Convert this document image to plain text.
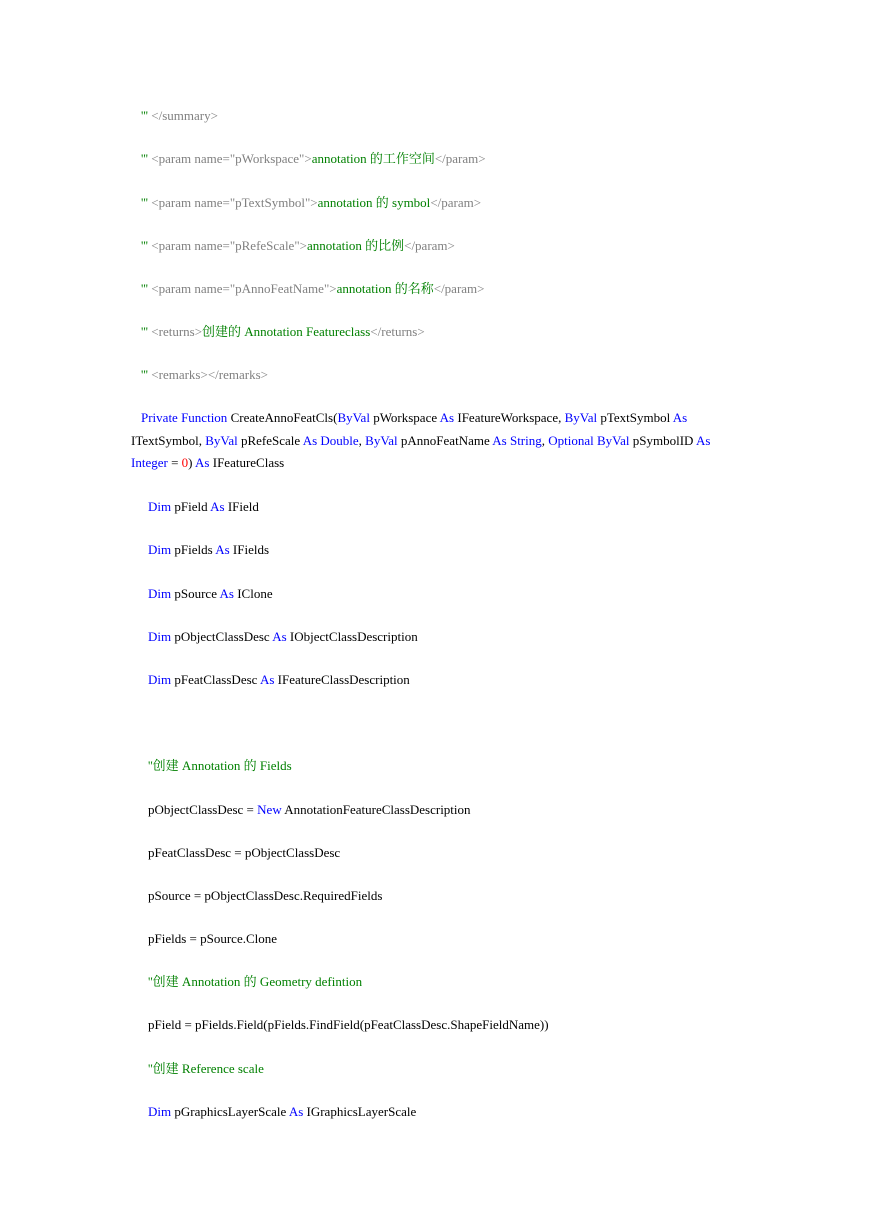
''' </summary>
''' <param name="pWorkspace">annotation 的工作空间</param>
''' <param name="pTextSymbol">annotation 的 symbol</param>
''' <param name="pRefeScale">annotation 的比例</param>
''' <param name="pAnnoFeatName">annotation 的名称</param>
''' <returns>创建的 Annotation Featureclass</returns>
''' <remarks></remarks>
Private Function CreateAnnoFeatCls(ByVal pWorkspace As IFeatureWorkspace, ByVal pTextSymbol As ITextSymbol, ByVal pRefeScale As Double, ByVal pAnnoFeatName As String, Optional ByVal pSymbolID As
Integer = 0) As IFeatureClass
Dim pField As IField
Dim pFields As IFields
Dim pSource As IClone
Dim pObjectClassDesc As IObjectClassDescription
Dim pFeatClassDesc As IFeatureClassDescription
''创建 Annotation 的 Fields
pObjectClassDesc = New AnnotationFeatureClassDescription
pFeatClassDesc = pObjectClassDesc
pSource = pObjectClassDesc.RequiredFields
pFields = pSource.Clone
''创建 Annotation 的 Geometry defintion
pField = pFields.Field(pFields.FindField(pFeatClassDesc.ShapeFieldName))
''创建 Reference scale
Dim pGraphicsLayerScale As IGraphicsLayerScale
